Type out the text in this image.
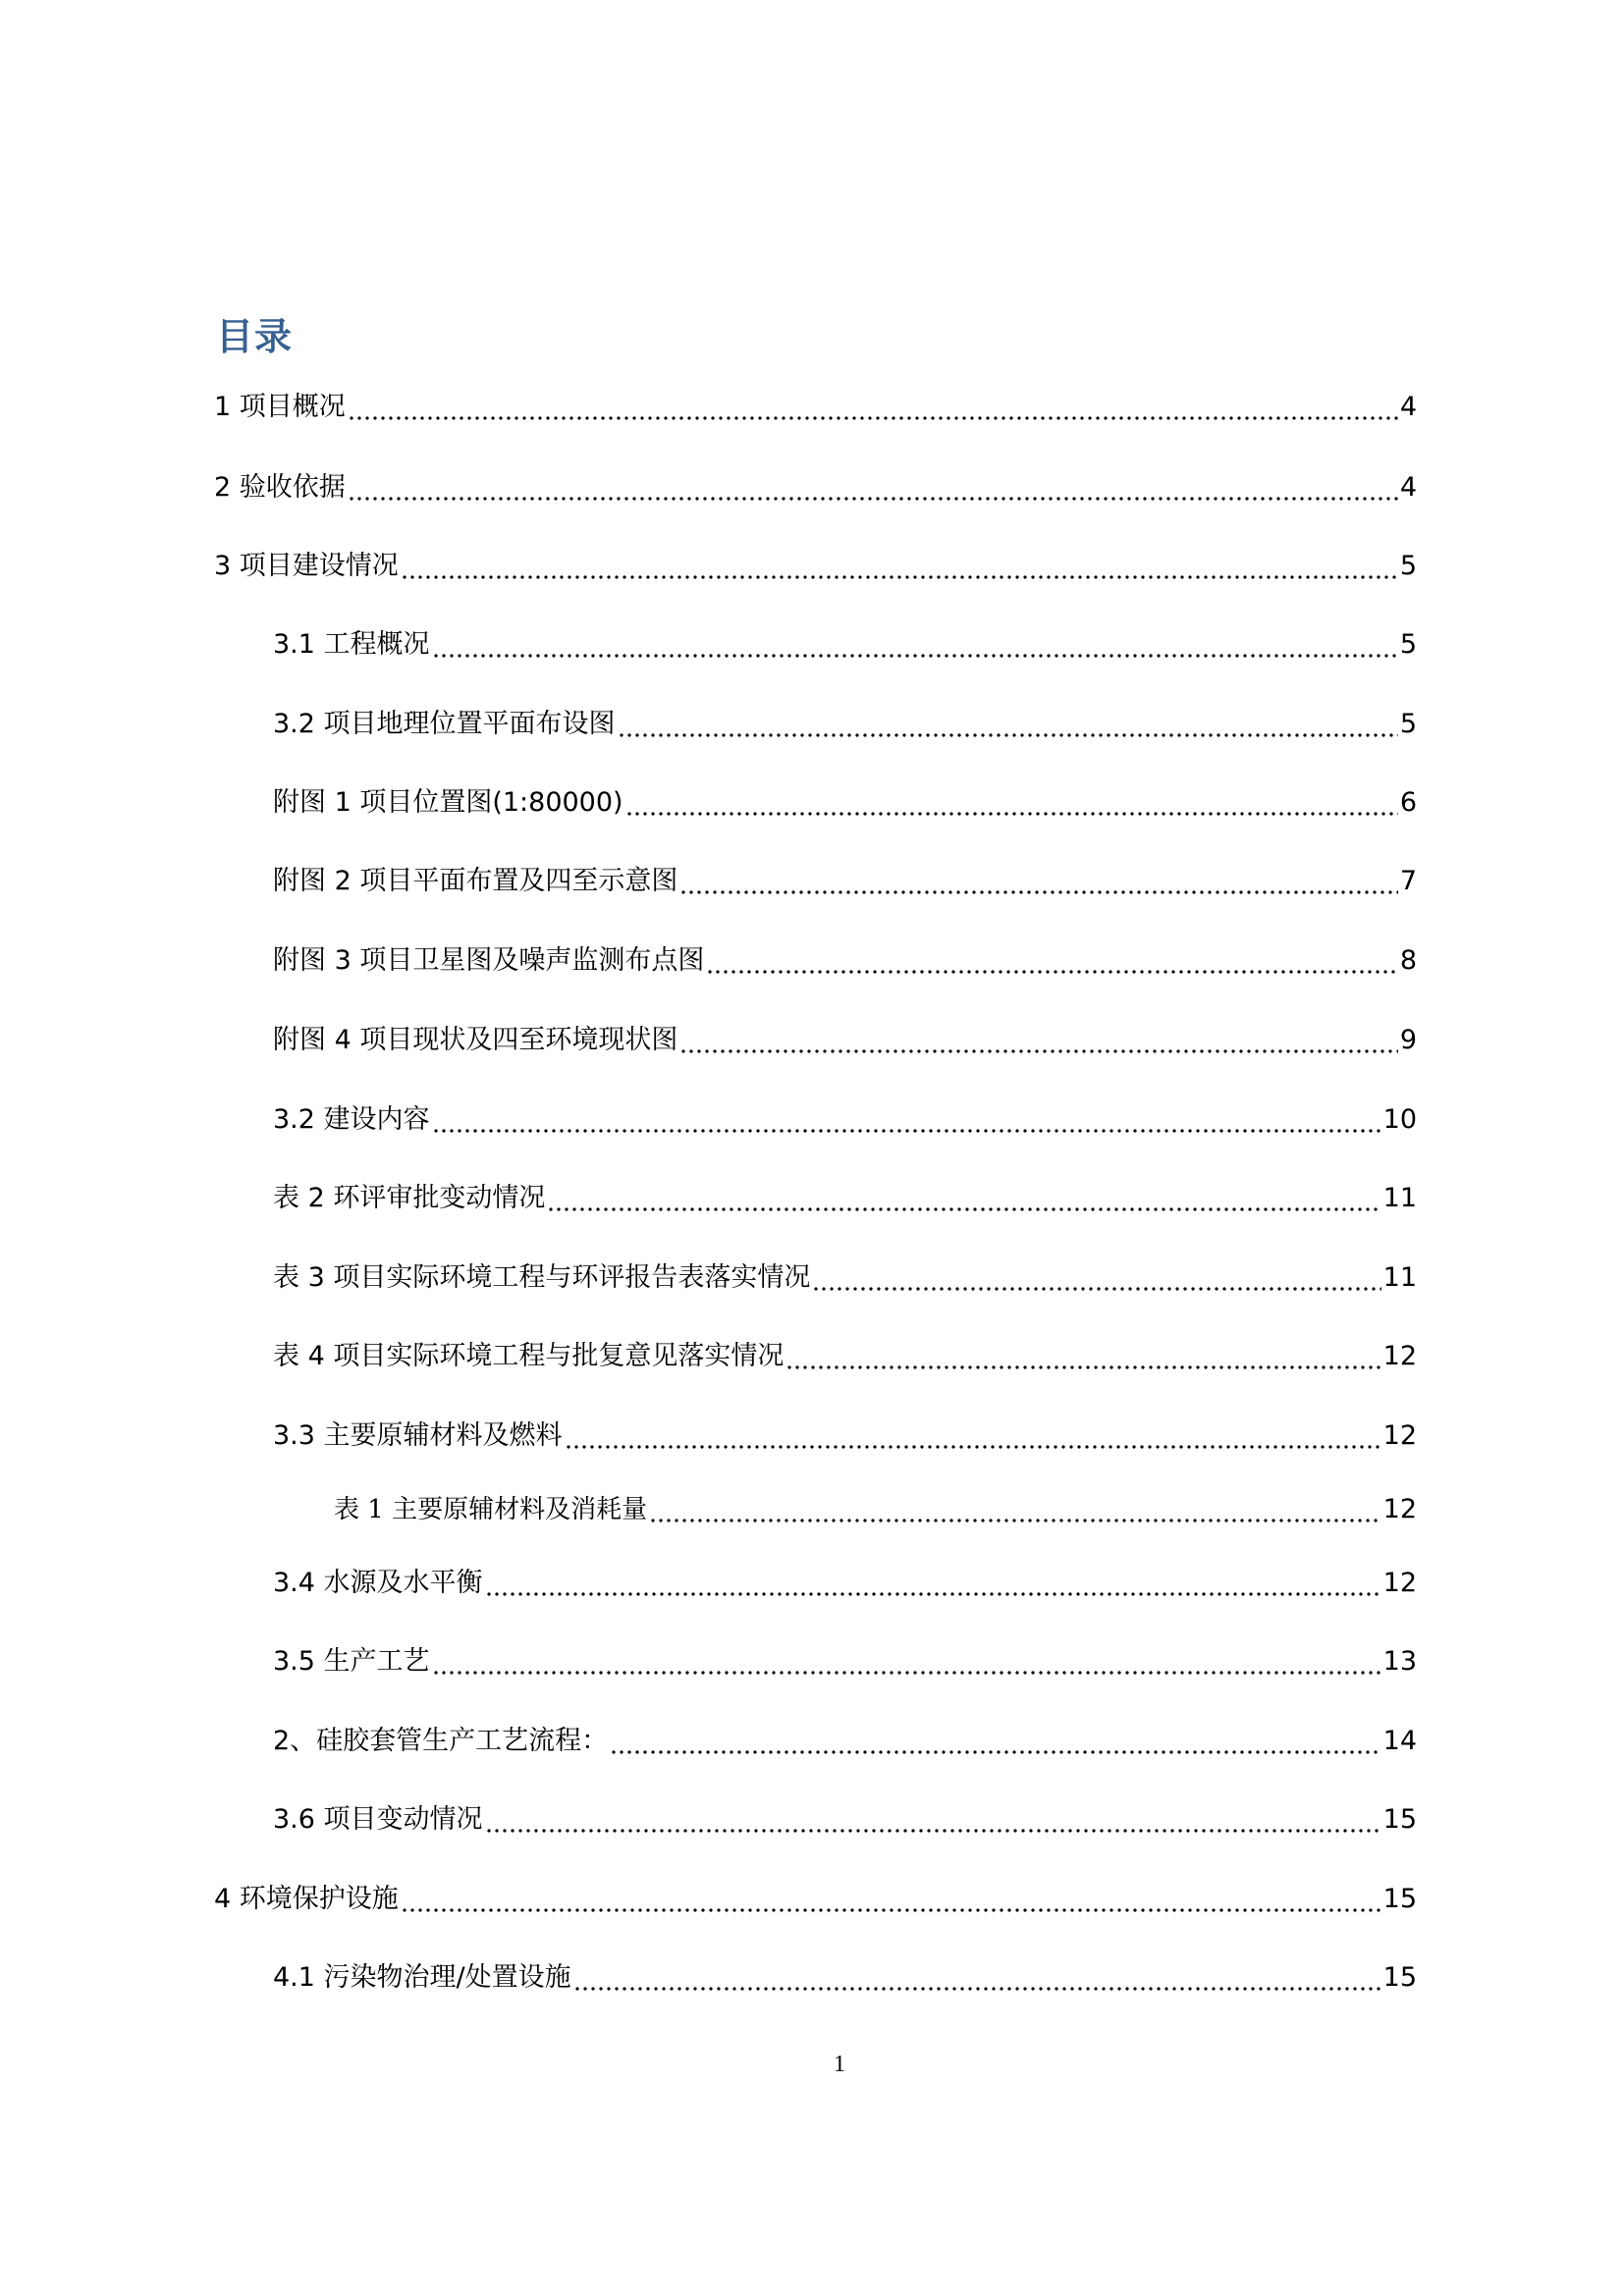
目录
1 项目概况	4
2 验收依据	4
3 项目建设情况	5
3.1 工程概况	5
3.2 项目地理位置平面布设图	5
附图 1 项目位置图(1:80000)	6
附图 2 项目平面布置及四至示意图	7
附图 3 项目卫星图及噪声监测布点图	8
附图 4 项目现状及四至环境现状图	9
3.2 建设内容	10
表 2 环评审批变动情况	11
表 3 项目实际环境工程与环评报告表落实情况	11
表 4 项目实际环境工程与批复意见落实情况	12
3.3 主要原辅材料及燃料	12
表 1 主要原辅材料及消耗量	12
3.4 水源及水平衡	12
3.5 生产工艺	13
2、硅胶套管生产工艺流程：	14
3.6 项目变动情况	15
4 环境保护设施	15
4.1 污染物治理/处置设施	15
1
